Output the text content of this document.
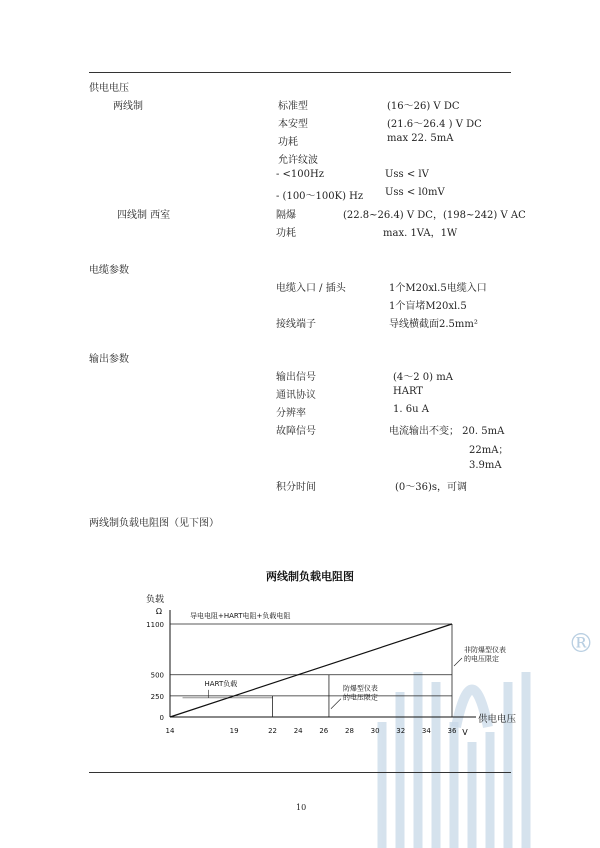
供电电压
两线制	标准型	(16～26) V DC
本安型	(21.6～26.4 ) V DC
功耗	max 22. 5mA
允许纹波
- <100Hz	Uss < lV
- (100～100K) Hz Uss < l0mV
四线制 西室	隔爆	(22.8~26.4) V DC，(198~242) V AC
功耗	max. 1VA，1W
电缆参数
电缆入口 / 插头	1个M20xl.5电缆入口
1个盲堵M20xl.5
接线端子	导线横截面2.5mm²
输出参数
输出信号	(4～2 0) mA
通讯协议	HART
分辨率	1. 6u A
故障信号	电流输出不变； 20. 5mA
22mA；
3.9mA
积分时间	(0～36)s，可调
两线制负载电阻图（见下图）
®
两线制负载电阻图
负载
Ω
供电电压
V
导电电阻+HART电阻+负载电阻
0
250
500
1100
14	19	22 24 26 28 30 32 34 36
HART负载
防爆型仪表
的电压限定
非防爆型仪表
的电压限定
10
